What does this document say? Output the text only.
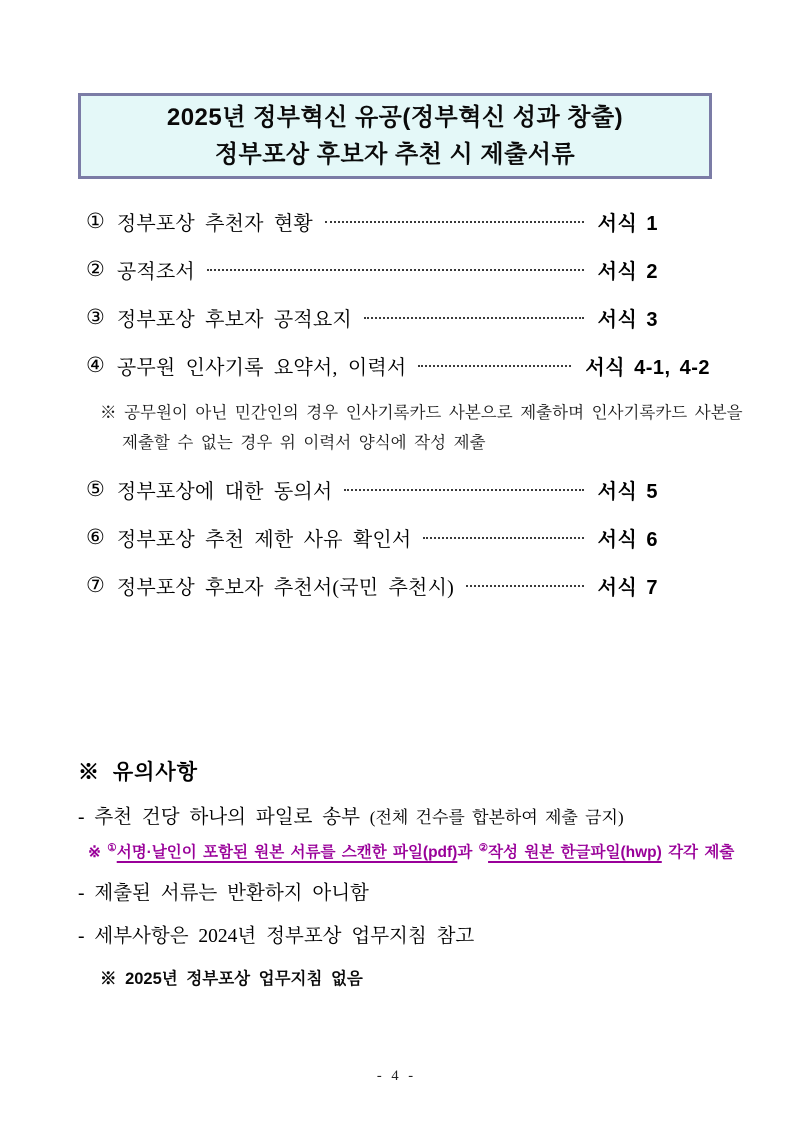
2025년 정부혁신 유공(정부혁신 성과 창출)
정부포상 후보자 추천 시 제출서류
① 정부포상 추천자 현황	서식 1
② 공적조서	서식 2
③ 정부포상 후보자 공적요지	서식 3
④ 공무원 인사기록 요약서, 이력서	서식 4-1, 4-2
※ 공무원이 아닌 민간인의 경우 인사기록카드 사본으로 제출하며 인사기록카드 사본을
제출할 수 없는 경우 위 이력서 양식에 작성 제출
⑤ 정부포상에 대한 동의서	서식 5
⑥ 정부포상 추천 제한 사유 확인서	서식 6
⑦ 정부포상 후보자 추천서(국민 추천시)	서식 7
※ 유의사항
- 추천 건당 하나의 파일로 송부 (전체 건수를 합본하여 제출 금지)
※ ①서명·날인이 포함된 원본 서류를 스캔한 파일(pdf)과 ②작성 원본 한글파일(hwp) 각각 제출
- 제출된 서류는 반환하지 아니함
- 세부사항은 2024년 정부포상 업무지침 참고
※ 2025년 정부포상 업무지침 없음
- 4 -
